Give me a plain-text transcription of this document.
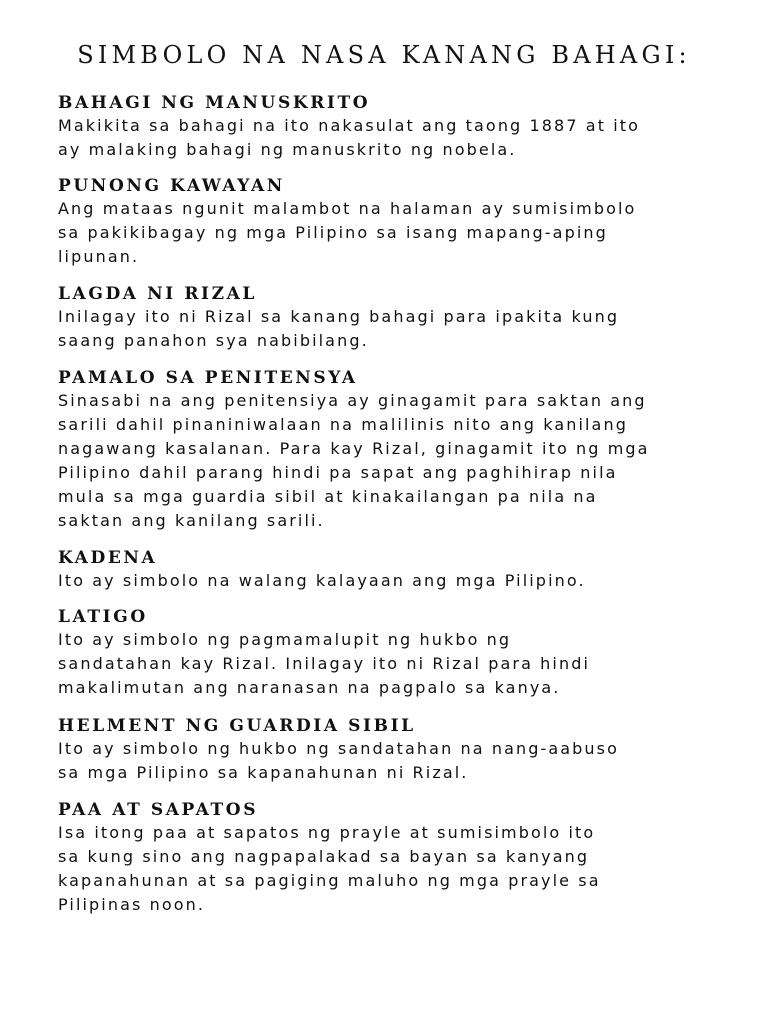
SIMBOLO NA NASA KANANG BAHAGI:
BAHAGI NG MANUSKRITO

Makikita sa bahagi na ito nakasulat ang taong 1887 at ito
ay malaking bahagi ng manuskrito ng nobela.

PUNONG KAWAYAN

Ang mataas ngunit malambot na halaman ay sumisimbolo
sa pakikibagay ng mga Pilipino sa isang mapang-aping
lipunan.

LAGDA NI RIZAL

Inilagay ito ni Rizal sa kanang bahagi para ipakita kung
saang panahon sya nabibilang.

PAMALO SA PENITENSYA

Sinasabi na ang penitensiya ay ginagamit para saktan ang
sarili dahil pinaniniwalaan na malilinis nito ang kanilang
nagawang kasalanan. Para kay Rizal, ginagamit ito ng mga
Pilipino dahil parang hindi pa sapat ang paghihirap nila
mula sa mga guardia sibil at kinakailangan pa nila na
saktan ang kanilang sarili.

KADENA

Ito ay simbolo na walang kalayaan ang mga Pilipino.

LATIGO

Ito ay simbolo ng pagmamalupit ng hukbo ng
sandatahan kay Rizal. Inilagay ito ni Rizal para hindi
makalimutan ang naranasan na pagpalo sa kanya.

HELMENT NG GUARDIA SIBIL

Ito ay simbolo ng hukbo ng sandatahan na nang-aabuso
sa mga Pilipino sa kapanahunan ni Rizal.

PAA AT SAPATOS

Isa itong paa at sapatos ng prayle at sumisimbolo ito
sa kung sino ang nagpapalakad sa bayan sa kanyang
kapanahunan at sa pagiging maluho ng mga prayle sa
Pilipinas noon.
